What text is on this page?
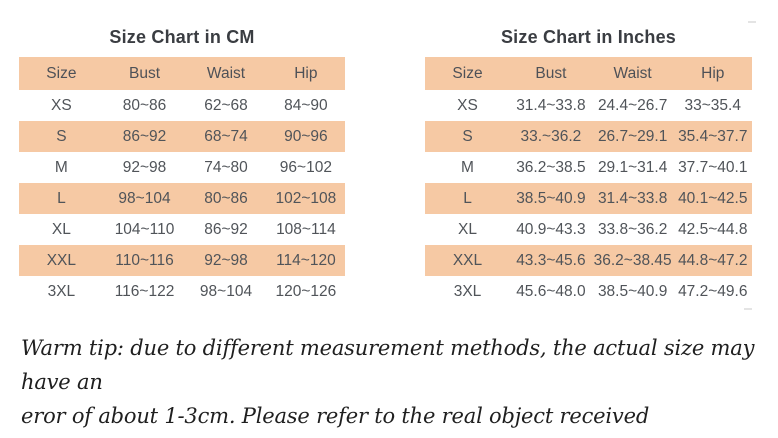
Size Chart in CM
Size	Bust	Waist	Hip
XS	80~86	62~68	84~90
S	86~92	68~74	90~96
M	92~98	74~80	96~102
L	98~104	80~86	102~108
XL	104~110	86~92	108~114
XXL	110~116	92~98	114~120
3XL	116~122	98~104	120~126
Size Chart in Inches
Size	Bust	Waist	Hip
XS	31.4~33.8	24.4~26.7	33~35.4
S	33.~36.2	26.7~29.1	35.4~37.7
M	36.2~38.5	29.1~31.4	37.7~40.1
L	38.5~40.9	31.4~33.8	40.1~42.5
XL	40.9~43.3	33.8~36.2	42.5~44.8
XXL	43.3~45.6	36.2~38.45	44.8~47.2
3XL	45.6~48.0	38.5~40.9	47.2~49.6
Warm tip: due to different measurement methods, the actual size may have an
eror of about 1-3cm. Please refer to the real object received
